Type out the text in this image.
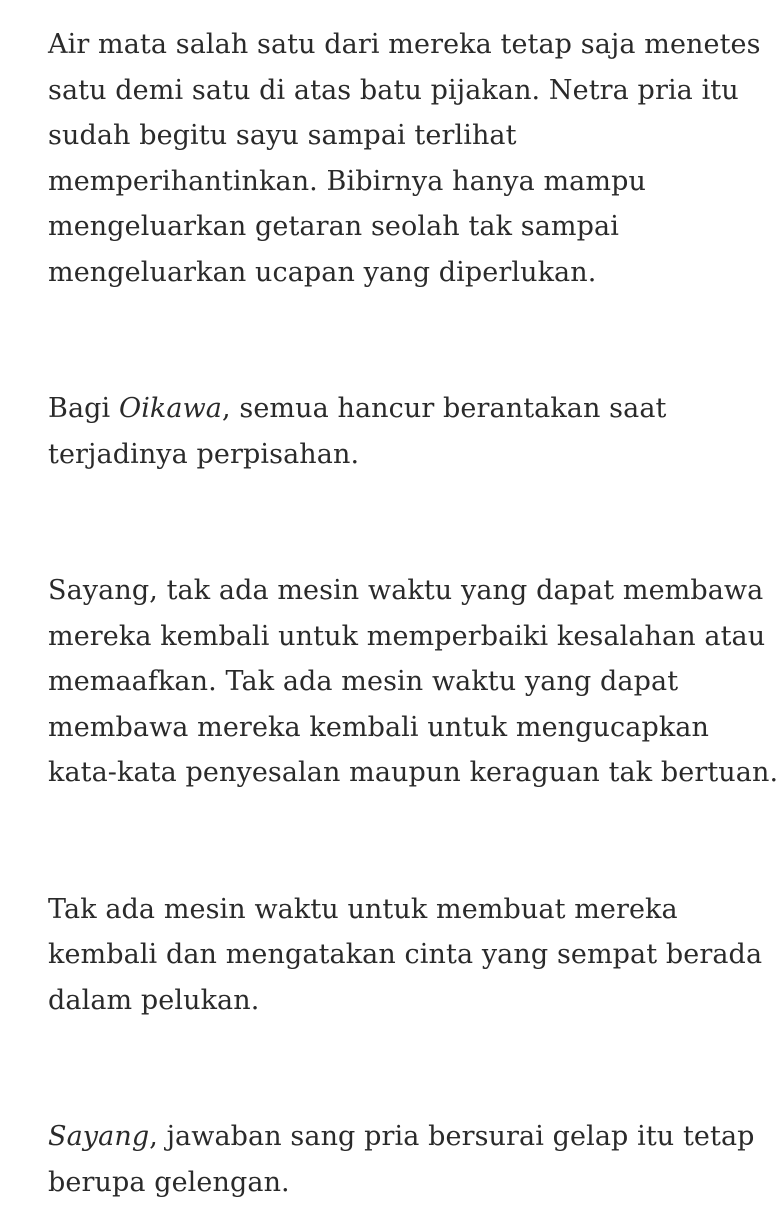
Air mata salah satu dari mereka tetap saja menetes
satu demi satu di atas batu pijakan. Netra pria itu
sudah begitu sayu sampai terlihat
memperihantinkan. Bibirnya hanya mampu
mengeluarkan getaran seolah tak sampai
mengeluarkan ucapan yang diperlukan.

Bagi Oikawa, semua hancur berantakan saat
terjadinya perpisahan.

Sayang, tak ada mesin waktu yang dapat membawa
mereka kembali untuk memperbaiki kesalahan atau
memaafkan. Tak ada mesin waktu yang dapat
membawa mereka kembali untuk mengucapkan
kata-kata penyesalan maupun keraguan tak bertuan.

Tak ada mesin waktu untuk membuat mereka
kembali dan mengatakan cinta yang sempat berada
dalam pelukan.

Sayang, jawaban sang pria bersurai gelap itu tetap
berupa gelengan.
